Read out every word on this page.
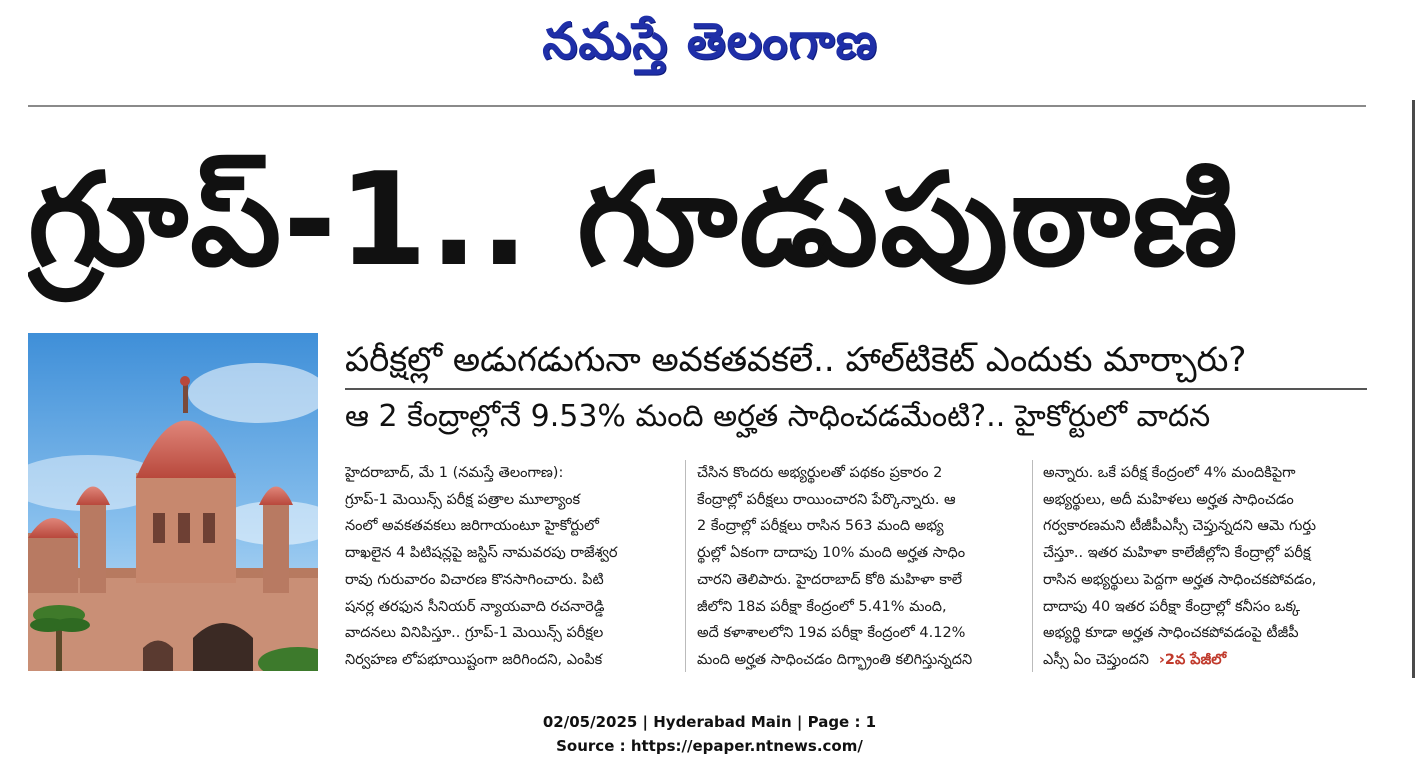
నమస్తే తెలంగాణ
గ్రూప్-1.. గూడుపుఠాణి
పరీక్షల్లో అడుగడుగునా అవకతవకలే.. హాల్‌టికెట్ ఎందుకు మార్చారు?
ఆ 2 కేంద్రాల్లోనే 9.53% మంది అర్హత సాధించడమేంటి?.. హైకోర్టులో వాదన

హైదరాబాద్, మే 1 (నమస్తే తెలంగాణ):

గ్రూప్-1 మెయిన్స్ పరీక్ష పత్రాల మూల్యాంక

నంలో అవకతవకలు జరిగాయంటూ హైకోర్టులో

దాఖలైన 4 పిటిషన్లపై జస్టిస్ నామవరపు రాజేశ్వర

రావు గురువారం విచారణ కొనసాగించారు. పిటి

షనర్ల తరఫున సీనియర్ న్యాయవాది రచనారెడ్డి

వాదనలు వినిపిస్తూ.. గ్రూప్-1 మెయిన్స్ పరీక్షల

నిర్వహణ లోపభూయిష్టంగా జరిగిందని, ఎంపిక

చేసిన కొందరు అభ్యర్థులతో పథకం ప్రకారం 2

కేంద్రాల్లో పరీక్షలు రాయించారని పేర్కొన్నారు. ఆ

2 కేంద్రాల్లో పరీక్షలు రాసిన 563 మంది అభ్య

ర్థుల్లో ఏకంగా దాదాపు 10% మంది అర్హత సాధిం

చారని తెలిపారు. హైదరాబాద్ కోఠి మహిళా కాలే

జీలోని 18వ పరీక్షా కేంద్రంలో 5.41% మంది,

అదే కళాశాలలోని 19వ పరీక్షా కేంద్రంలో 4.12%

మంది అర్హత సాధించడం దిగ్భ్రాంతి కలిగిస్తున్నదని

అన్నారు. ఒకే పరీక్ష కేంద్రంలో 4% మందికిపైగా

అభ్యర్థులు, అదీ మహిళలు అర్హత సాధించడం

గర్వకారణమని టీజీపీఎస్సీ చెప్తున్నదని ఆమె గుర్తు

చేస్తూ.. ఇతర మహిళా కాలేజీల్లోని కేంద్రాల్లో పరీక్ష

రాసిన అభ్యర్థులు పెద్దగా అర్హత సాధించకపోవడం,

దాదాపు 40 ఇతర పరీక్షా కేంద్రాల్లో కనీసం ఒక్క

అభ్యర్థి కూడా అర్హత సాధించకపోవడంపై టీజీపీ

ఎస్సీ ఏం చెప్తుందని ›2వ పేజీలో

02/05/2025 | Hyderabad Main | Page : 1
Source : https://epaper.ntnews.com/
